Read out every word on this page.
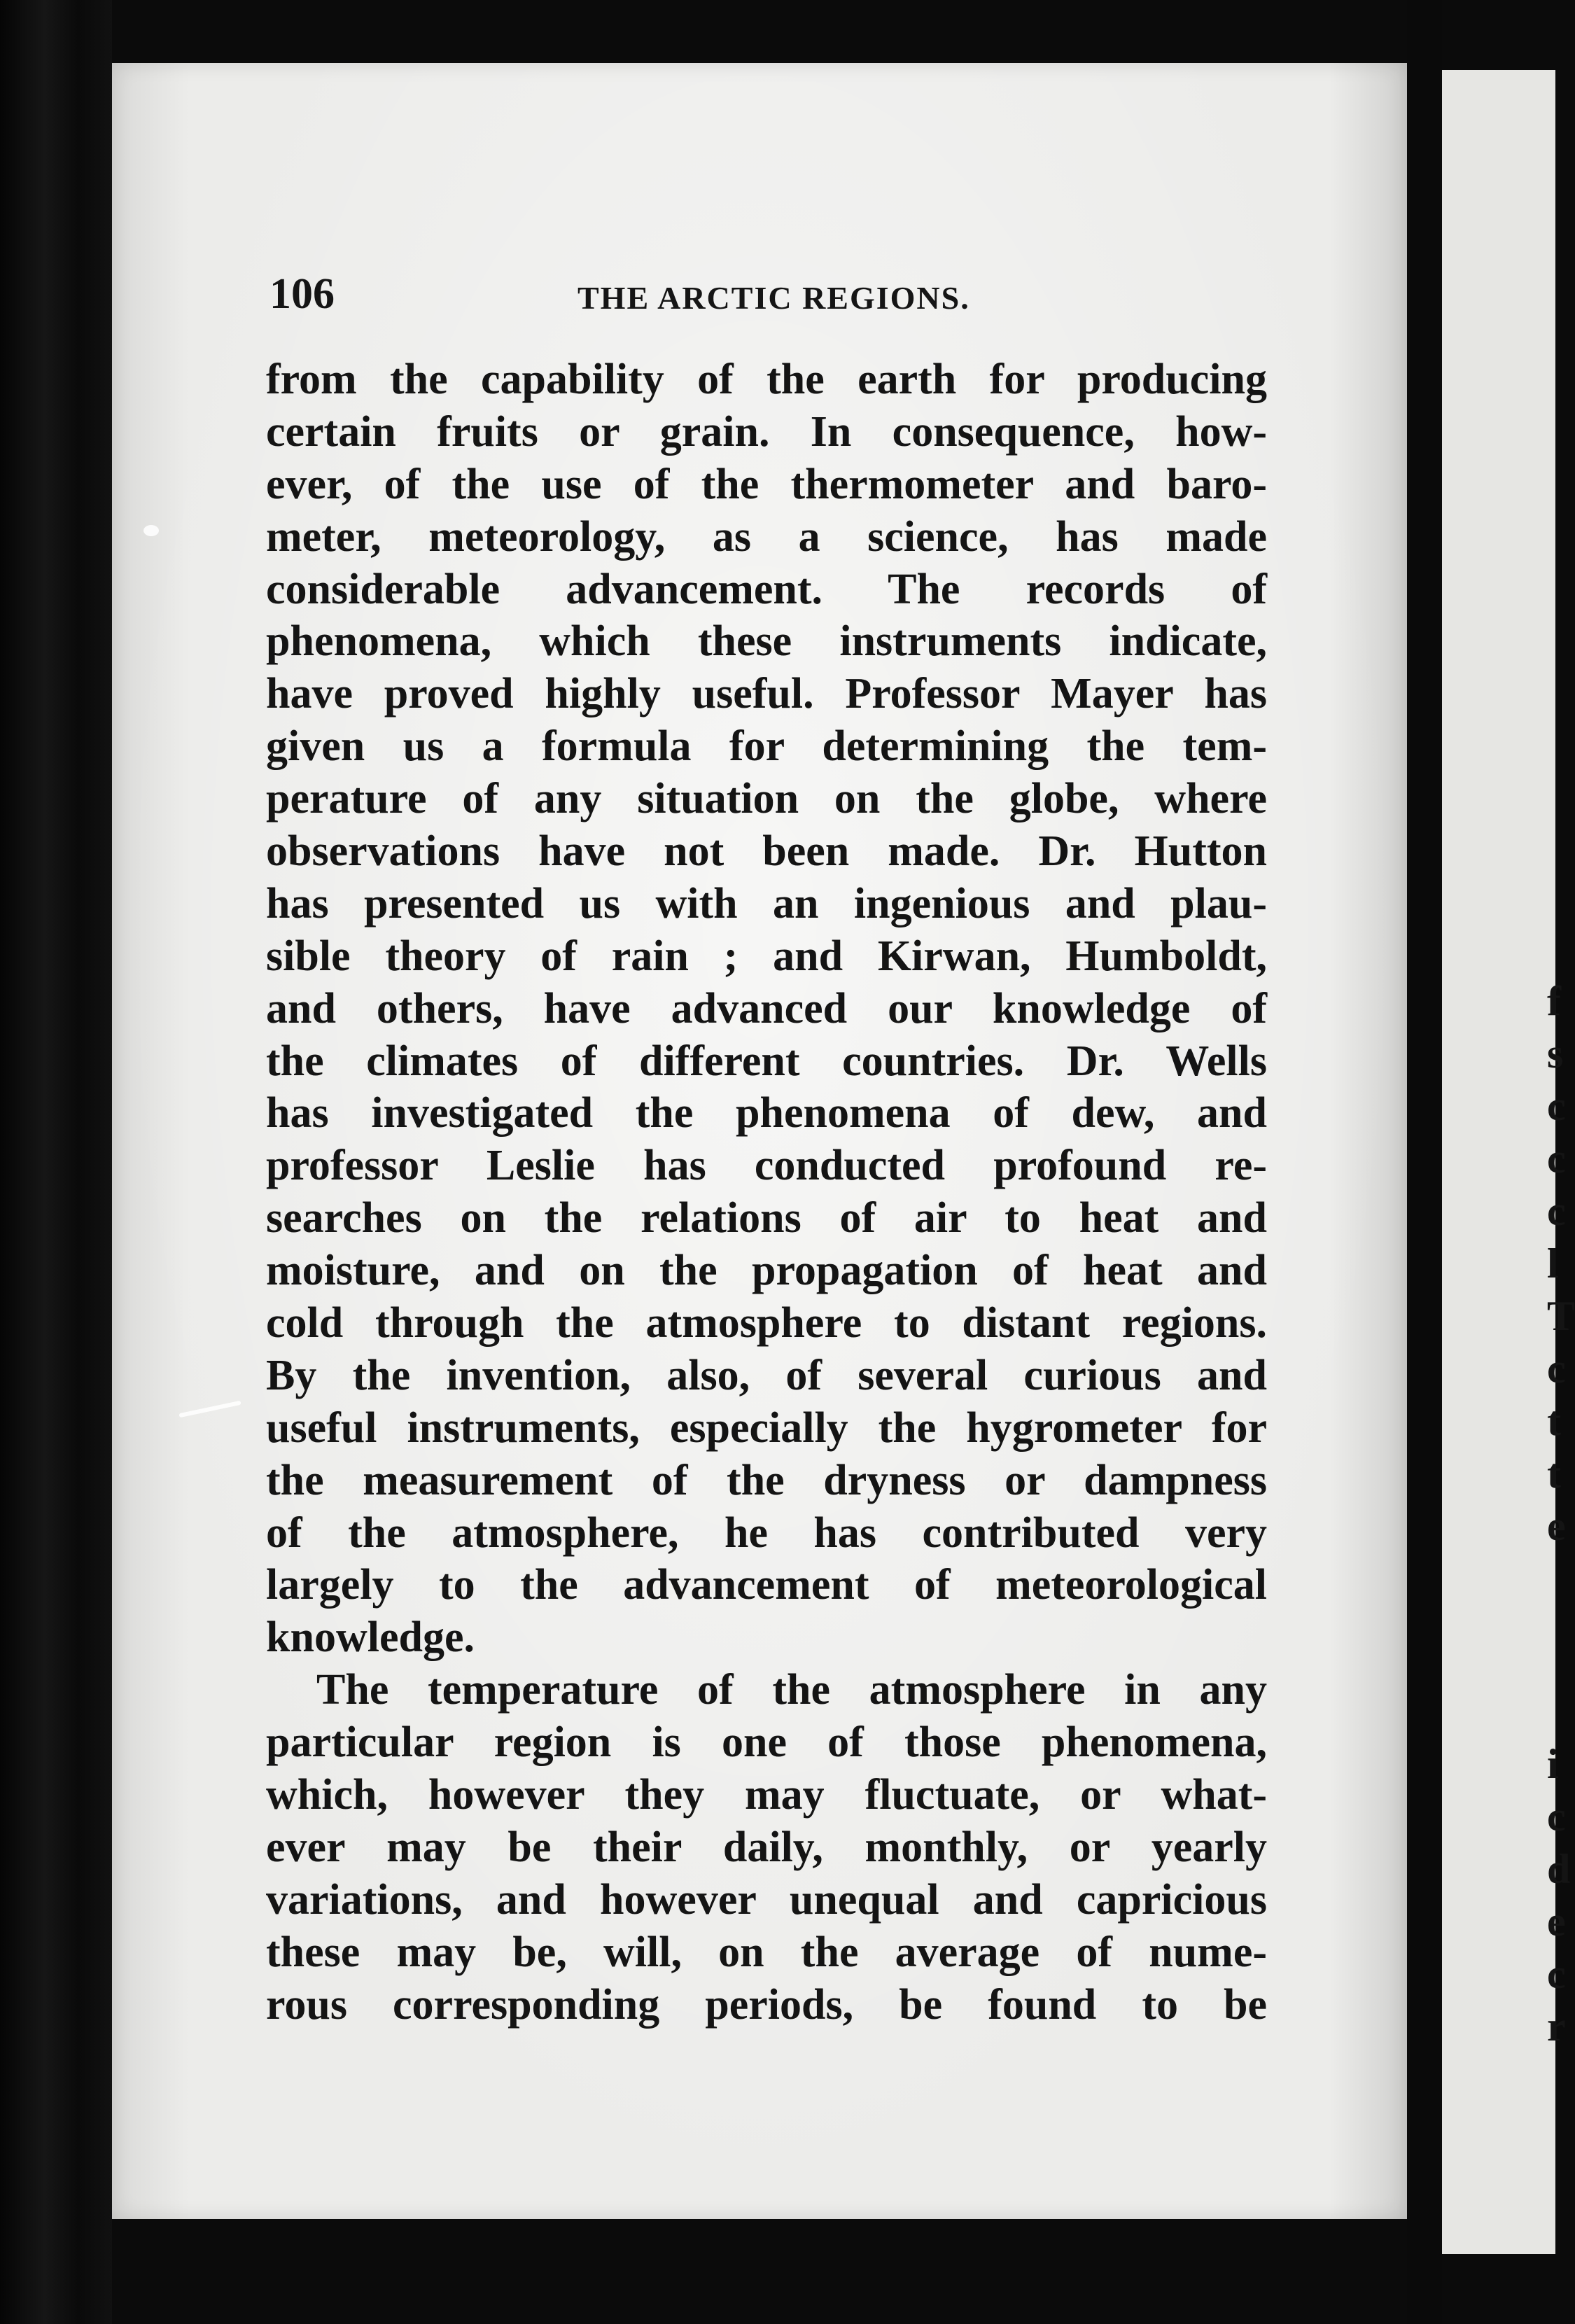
f
s
c
c
c
l
T
c
t
t
e
i
c
d
e
c
r
106	THE ARCTIC REGIONS.
from the capability of the earth for producing
certain fruits or grain. In consequence, how-
ever, of the use of the thermometer and baro-
meter, meteorology, as a science, has made
considerable advancement. The records of
phenomena, which these instruments indicate,
have proved highly useful. Professor Mayer has
given us a formula for determining the tem-
perature of any situation on the globe, where
observations have not been made. Dr. Hutton
has presented us with an ingenious and plau-
sible theory of rain ; and Kirwan, Humboldt,
and others, have advanced our knowledge of
the climates of different countries. Dr. Wells
has investigated the phenomena of dew, and
professor Leslie has conducted profound re-
searches on the relations of air to heat and
moisture, and on the propagation of heat and
cold through the atmosphere to distant regions.
By the invention, also, of several curious and
useful instruments, especially the hygrometer for
the measurement of the dryness or dampness
of the atmosphere, he has contributed very
largely to the advancement of meteorological
knowledge.
The temperature of the atmosphere in any
particular region is one of those phenomena,
which, however they may fluctuate, or what-
ever may be their daily, monthly, or yearly
variations, and however unequal and capricious
these may be, will, on the average of nume-
rous corresponding periods, be found to be
